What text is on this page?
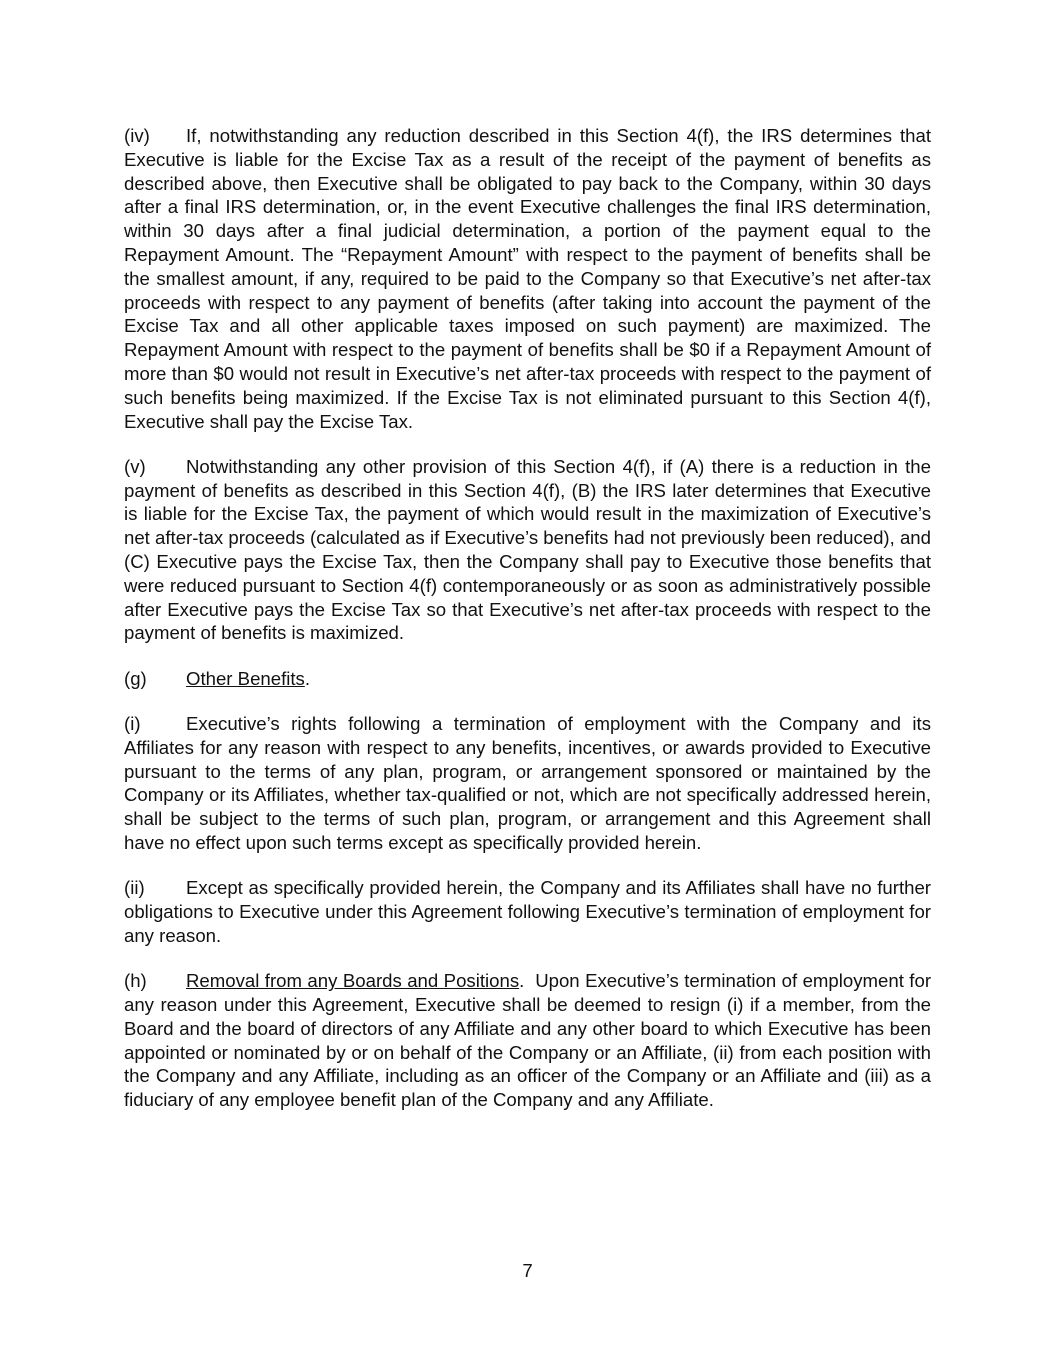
(iv) If, notwithstanding any reduction described in this Section 4(f), the IRS determines that Executive is liable for the Excise Tax as a result of the receipt of the payment of benefits as described above, then Executive shall be obligated to pay back to the Company, within 30 days after a final IRS determination, or, in the event Executive challenges the final IRS determination, within 30 days after a final judicial determination, a portion of the payment equal to the Repayment Amount. The “Repayment Amount” with respect to the payment of benefits shall be the smallest amount, if any, required to be paid to the Company so that Executive’s net after-tax proceeds with respect to any payment of benefits (after taking into account the payment of the Excise Tax and all other applicable taxes imposed on such payment) are maximized. The Repayment Amount with respect to the payment of benefits shall be $0 if a Repayment Amount of more than $0 would not result in Executive’s net after-tax proceeds with respect to the payment of such benefits being maximized. If the Excise Tax is not eliminated pursuant to this Section 4(f), Executive shall pay the Excise Tax.

(v) Notwithstanding any other provision of this Section 4(f), if (A) there is a reduction in the payment of benefits as described in this Section 4(f), (B) the IRS later determines that Executive is liable for the Excise Tax, the payment of which would result in the maximization of Executive’s net after-tax proceeds (calculated as if Executive’s benefits had not previously been reduced), and (C) Executive pays the Excise Tax, then the Company shall pay to Executive those benefits that were reduced pursuant to Section 4(f) contemporaneously or as soon as administratively possible after Executive pays the Excise Tax so that Executive’s net after-tax proceeds with respect to the payment of benefits is maximized.

(g) Other Benefits.

(i) Executive’s rights following a termination of employment with the Company and its Affiliates for any reason with respect to any benefits, incentives, or awards provided to Executive pursuant to the terms of any plan, program, or arrangement sponsored or maintained by the Company or its Affiliates, whether tax-qualified or not, which are not specifically addressed herein, shall be subject to the terms of such plan, program, or arrangement and this Agreement shall have no effect upon such terms except as specifically provided herein.

(ii) Except as specifically provided herein, the Company and its Affiliates shall have no further obligations to Executive under this Agreement following Executive’s termination of employment for any reason.

(h) Removal from any Boards and Positions.  Upon Executive’s termination of employment for any reason under this Agreement, Executive shall be deemed to resign (i) if a member, from the Board and the board of directors of any Affiliate and any other board to which Executive has been appointed or nominated by or on behalf of the Company or an Affiliate, (ii) from each position with the Company and any Affiliate, including as an officer of the Company or an Affiliate and (iii) as a fiduciary of any employee benefit plan of the Company and any Affiliate.

7
